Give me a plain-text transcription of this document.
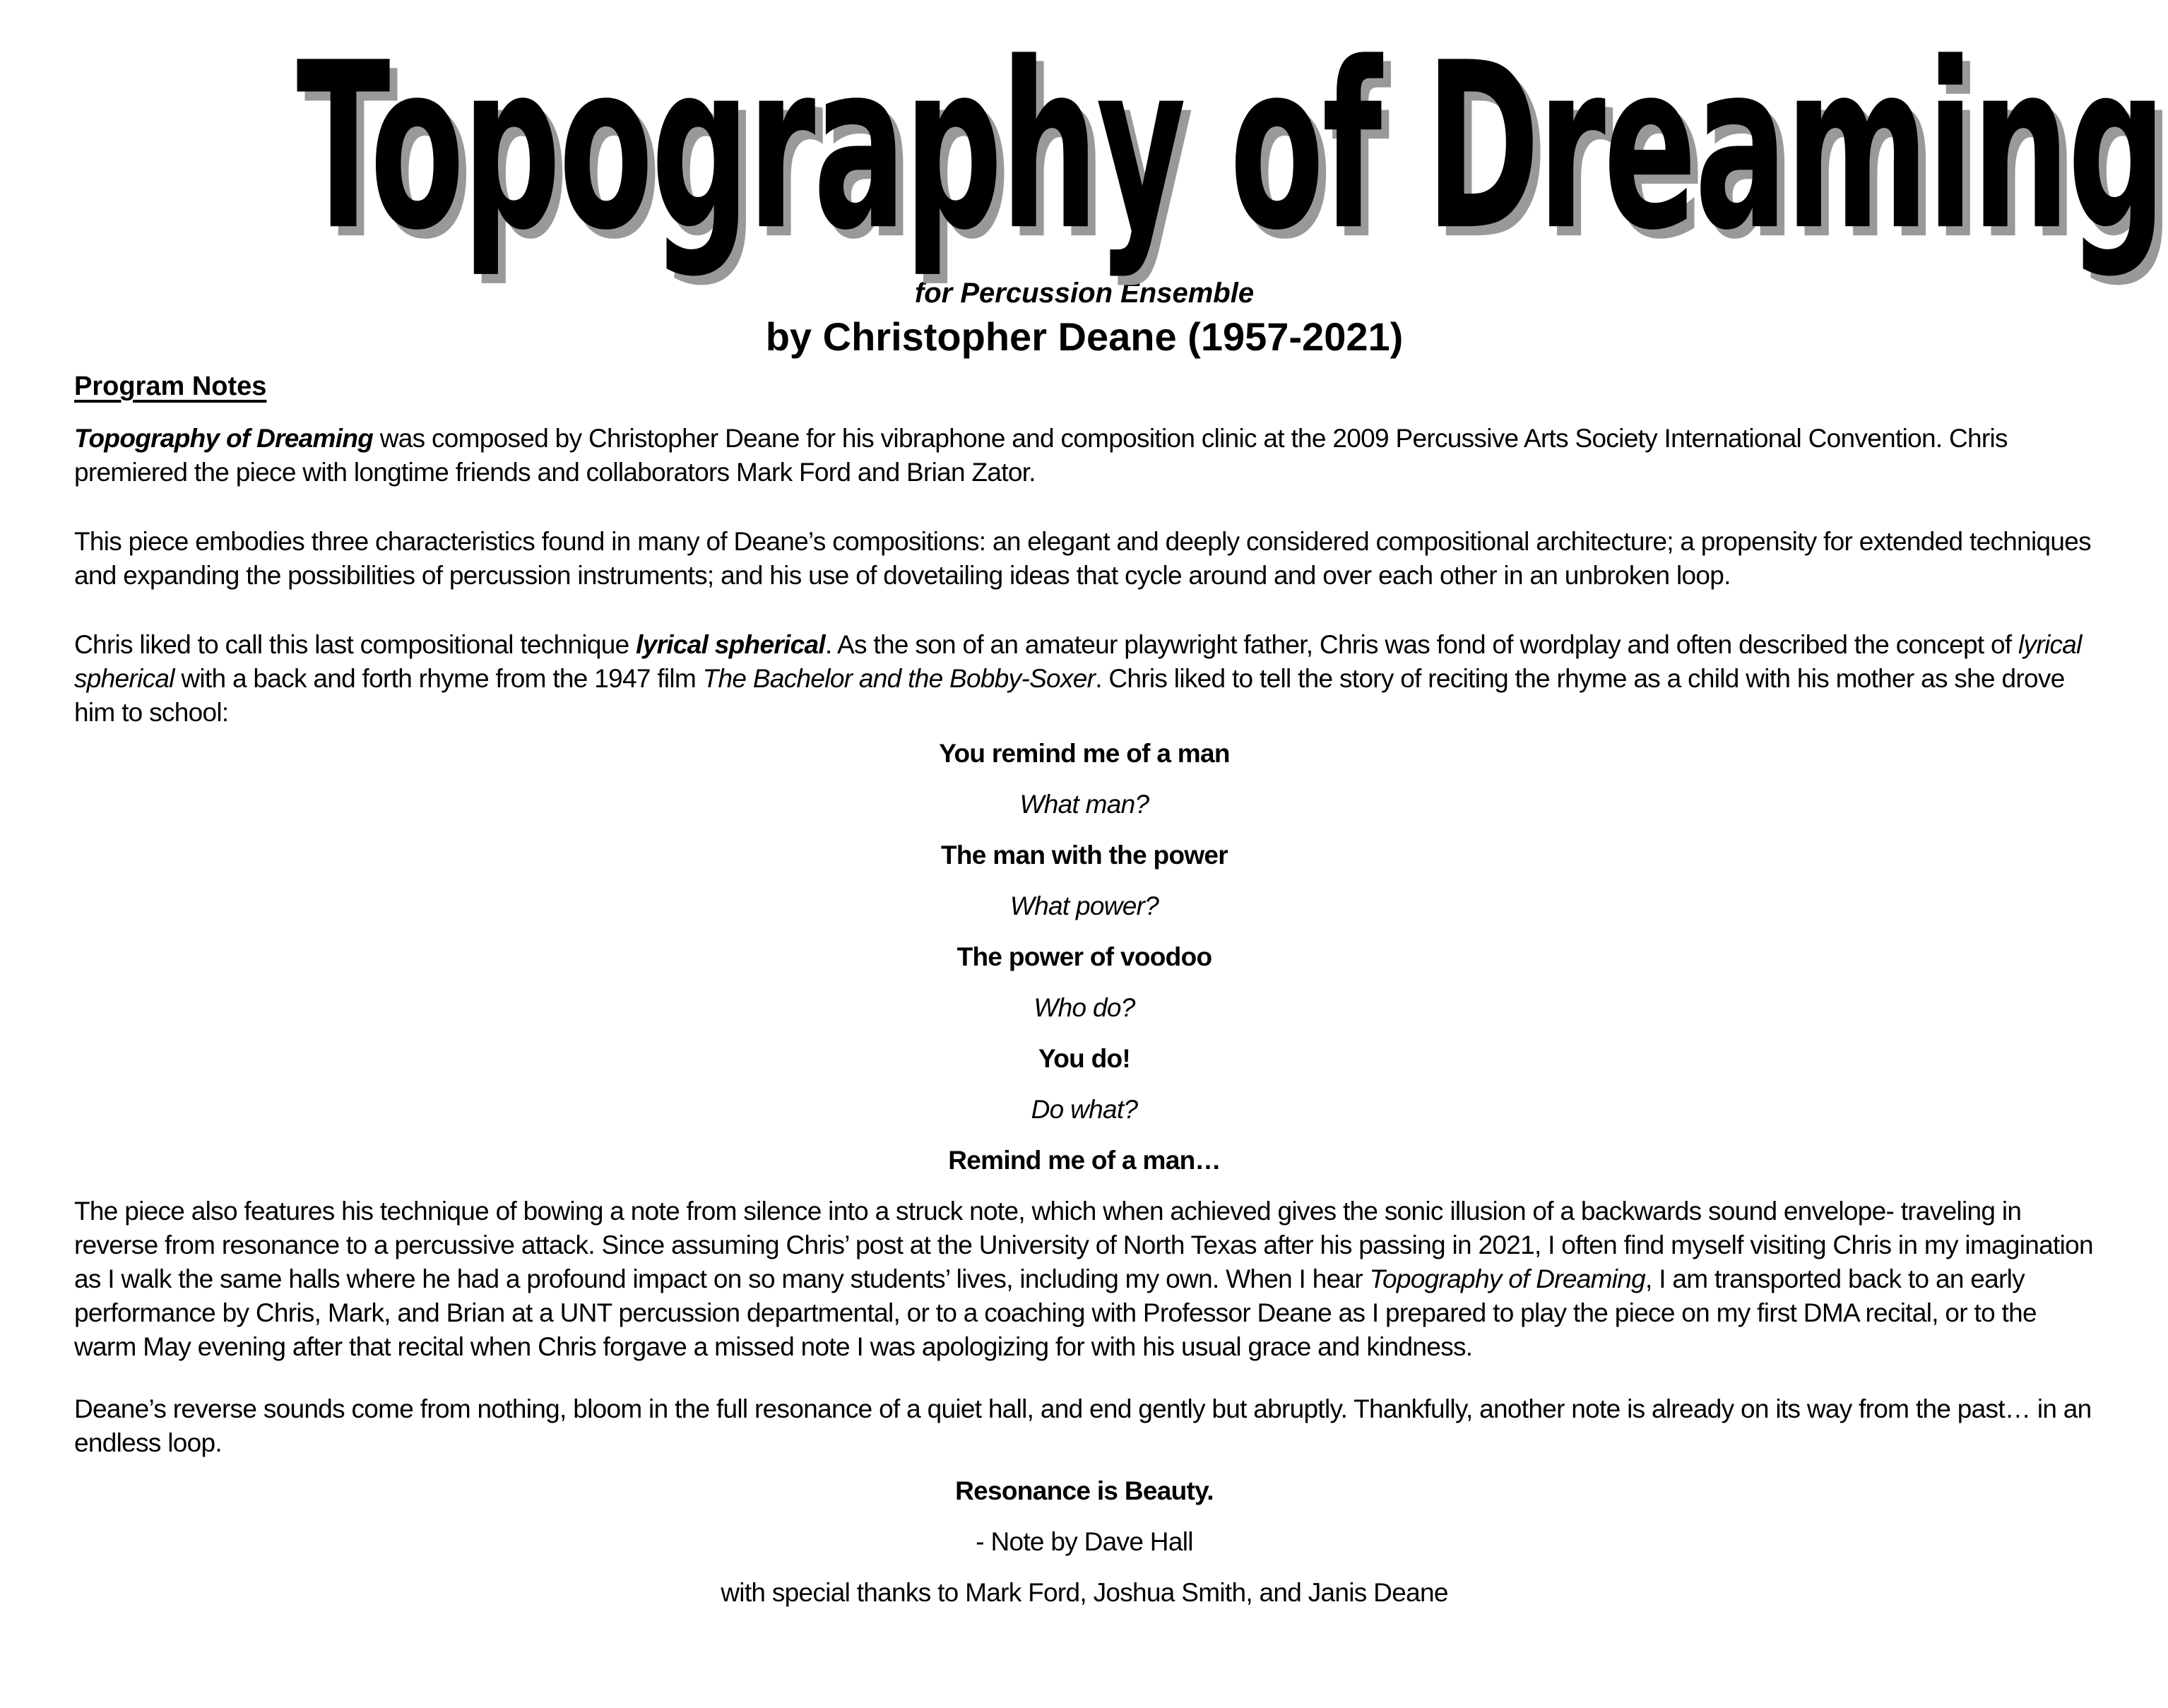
Topography of Dreaming
for Percussion Ensemble
by Christopher Deane (1957-2021)
Program Notes

Topography of Dreaming was composed by Christopher Deane for his vibraphone and composition clinic at the 2009 Percussive Arts Society International Convention. Chris premiered the piece with longtime friends and collaborators Mark Ford and Brian Zator.

This piece embodies three characteristics found in many of Deane’s compositions: an elegant and deeply considered compositional architecture; a propensity for extended techniques and expanding the possibilities of percussion instruments; and his use of dovetailing ideas that cycle around and over each other in an unbroken loop.

Chris liked to call this last compositional technique lyrical spherical. As the son of an amateur playwright father, Chris was fond of wordplay and often described the concept of lyrical spherical with a back and forth rhyme from the 1947 film The Bachelor and the Bobby-Soxer. Chris liked to tell the story of reciting the rhyme as a child with his mother as she drove him to school:

You remind me of a man
What man?
The man with the power
What power?
The power of voodoo
Who do?
You do!
Do what?
Remind me of a man…

The piece also features his technique of bowing a note from silence into a struck note, which when achieved gives the sonic illusion of a backwards sound envelope- traveling in reverse from resonance to a percussive attack. Since assuming Chris’ post at the University of North Texas after his passing in 2021, I often find myself visiting Chris in my imagination as I walk the same halls where he had a profound impact on so many students’ lives, including my own. When I hear Topography of Dreaming, I am transported back to an early performance by Chris, Mark, and Brian at a UNT percussion departmental, or to a coaching with Professor Deane as I prepared to play the piece on my first DMA recital, or to the warm May evening after that recital when Chris forgave a missed note I was apologizing for with his usual grace and kindness.

Deane’s reverse sounds come from nothing, bloom in the full resonance of a quiet hall, and end gently but abruptly. Thankfully, another note is already on its way from the past… in an endless loop.

Resonance is Beauty.
- Note by Dave Hall
with special thanks to Mark Ford, Joshua Smith, and Janis Deane
